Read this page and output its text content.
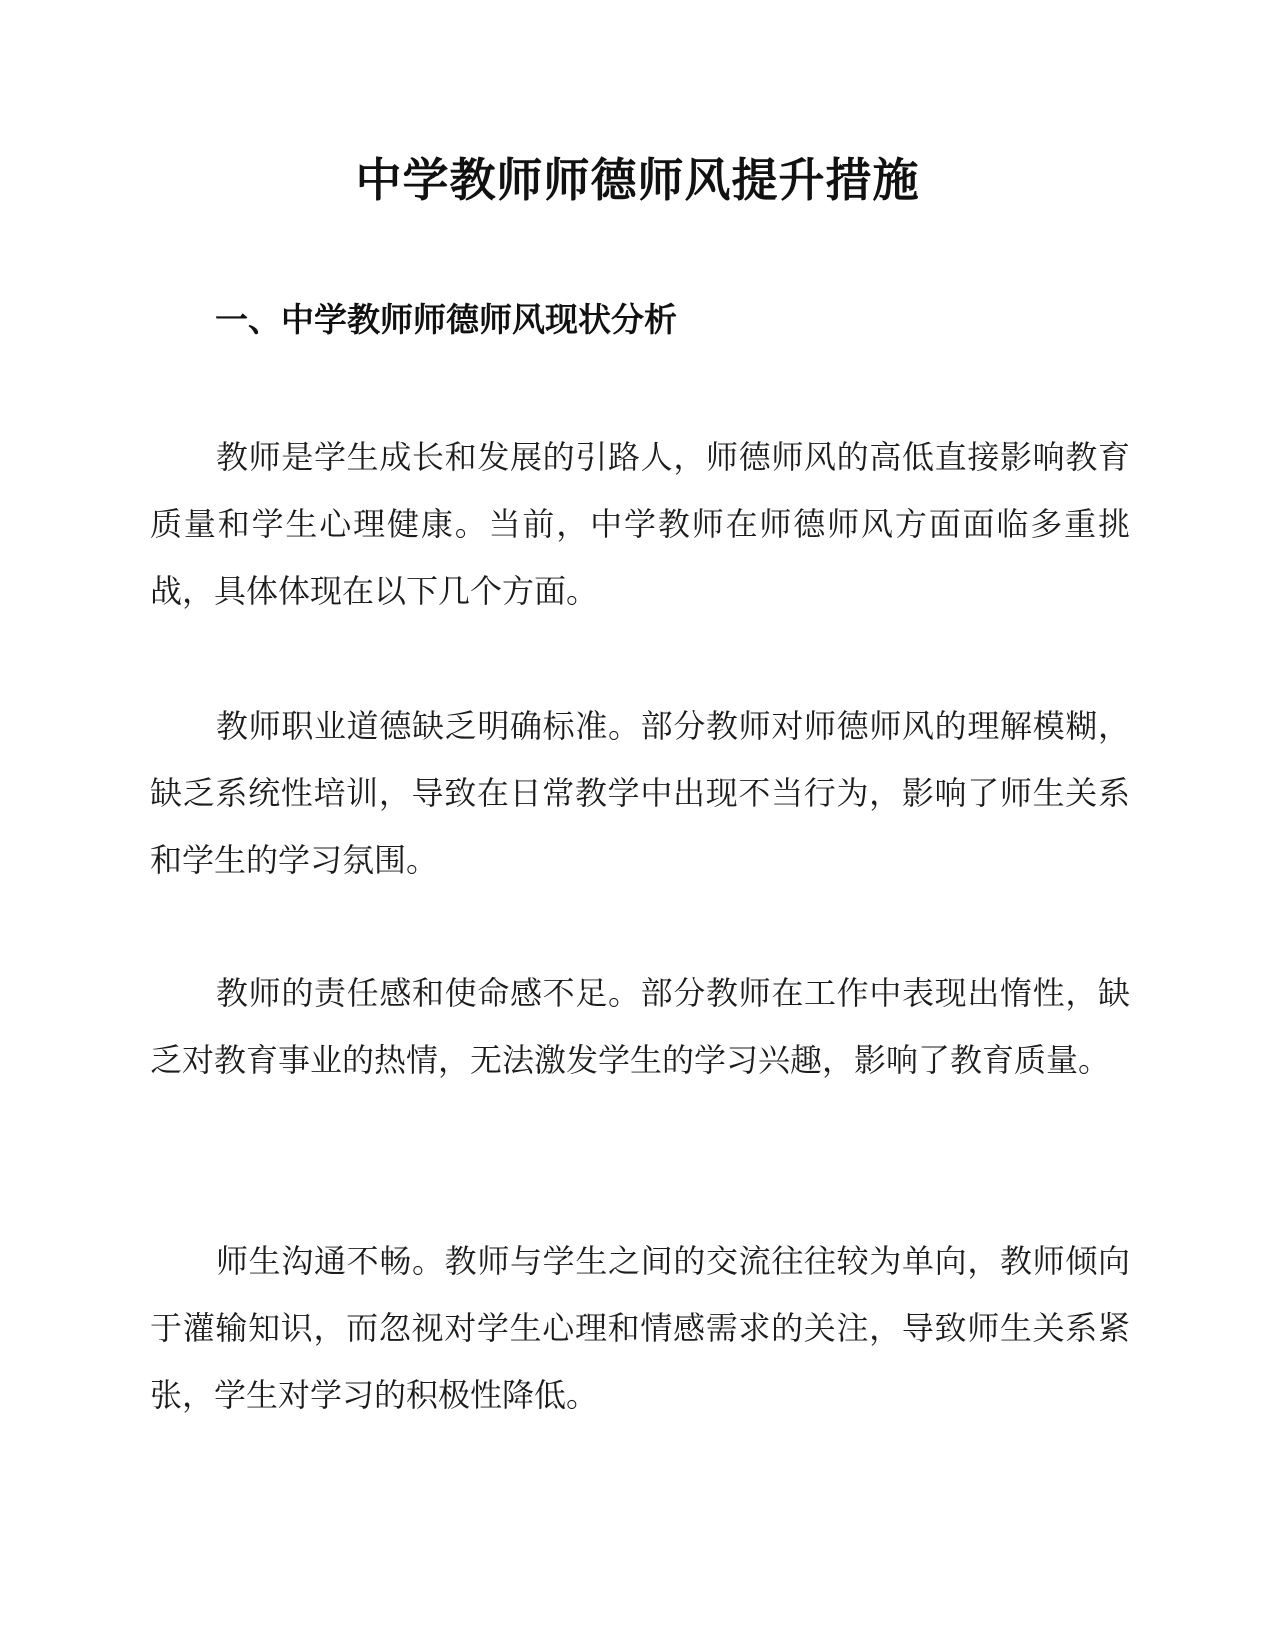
中学教师师德师风提升措施
一、中学教师师德师风现状分析

教师是学生成长和发展的引路人，师德师风的高低直接影响教育质量和学生心理健康。当前，中学教师在师德师风方面面临多重挑战，具体体现在以下几个方面。

教师职业道德缺乏明确标准。部分教师对师德师风的理解模糊，缺乏系统性培训，导致在日常教学中出现不当行为，影响了师生关系和学生的学习氛围。

教师的责任感和使命感不足。部分教师在工作中表现出惰性，缺乏对教育事业的热情，无法激发学生的学习兴趣，影响了教育质量。

师生沟通不畅。教师与学生之间的交流往往较为单向，教师倾向于灌输知识，而忽视对学生心理和情感需求的关注，导致师生关系紧张，学生对学习的积极性降低。
